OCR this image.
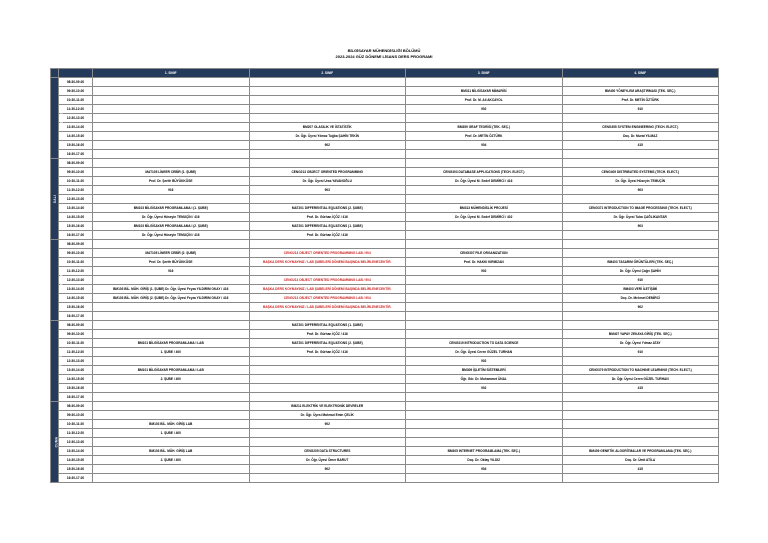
BİLGİSAYAR MÜHENDİSLİĞİ BÖLÜMÜ
2023-2024 GÜZ DÖNEMİ LİSANS DERS PROGRAMI
		1. SINIF	2. SINIF	3. SINIF	4. SINIF
PAZARTESİ	08:30-09:20				
	09:30-10:20			BM311 BİLGİSAYAR MİMARİSİ	BM400 YÖNEYLEM ARAŞTIRMASI (TEK. SEÇ.)
	10:30-11:20			Prof. Dr. M. Ali AKCAYOL	Prof. Dr. METİN ÖZTÜRK
	11:30-12:20			902	910
	12:30-13:20				
	13:30-14:20		BM207 OLASILIK VE İSTATİSTİK	BM359 GRAF TEORİSİ (TEK. SEÇ.)	CENG355 SYSTEM ENGINEERING (TECH. ELECT.)
	14:30-15:20		Dr. Öğr. Üyesi Yılmaz Tuğba ŞAHİN TEKİN	Prof. Dr. METİN ÖZTÜRK	Doç. Dr. Murat YILMAZ
	15:30-16:20		902	904	415
	16:30-17:20				
SALI	08:30-09:20				
	09:30-10:20	MAT105 LİNEER CEBİR (1. ŞUBE)	CENG213 OBJECT ORIENTED PROGRAMMING	CENG303 DATABASE APPLICATIONS (TECH. ELECT.)	CENG409 DISTRIBUTED SYSTEMS (TECH. ELECT.)
	10:30-11:20	Prof. Dr. Şerife BÜYÜKKÖSE	Dr. Öğr. Üyesi Uras YAVANOĞLU	Dr. Öğr. Üyesi M. Sedef DEMİRCİ / 416	Dr. Öğr. Üyesi Hüseyin TEMUÇİN
	11:30-12:20	916	903		903
	12:30-13:20				
	13:30-14:20	BM103 BİLGİSAYAR PROGRAMLAMA I (1. ŞUBE)	MAT201 DIFFERENTIAL EQUATIONS (2. ŞUBE)	BM313 MÜHENDİSLİK PROJESİ	CENG371 INTRODUCTION TO IMAGE PROCESSING (TECH. ELECT.)
	14:30-15:20	Dr. Öğr. Üyesi Hüseyin TEMUÇİN / 416	Prof. Dr. Gürhan İÇÖZ / 416	Dr. Öğr. Üyesi M. Sedef DEMİRCİ / 402	Dr. Öğr. Üyesi Tuba ÇAĞLIKANTAR
	15:30-16:20	BM103 BİLGİSAYAR PROGRAMLAMA I (2. ŞUBE)	MAT201 DIFFERENTIAL EQUATIONS (1. ŞUBE)		903
	16:30-17:20	Dr. Öğr. Üyesi Hüseyin TEMUÇİN / 416	Prof. Dr. Gürhan İÇÖZ / 416		
ÇARŞAMBA	08:30-09:20				
	09:30-10:20	MAT105 LİNEER CEBİR (2. ŞUBE)	CENG213 OBJECT ORIENTED PROGRAMMING LAB / 904	CENG307 FILE ORGANIZATION	
	10:30-11:20	Prof. Dr. Şerife BÜYÜKKÖSE	BAŞKA DERS KOYMAYINIZ / LAB ŞUBELERİ DÖNEMİ BAŞINDA BELİRLENECEKTİR.	Prof. Dr. HAKKI KIRMIZAN	BM403 TASARIM ÖRÜNTÜLERİ (TEK. SEÇ.)
	11:30-12:20	916		902	Dr. Öğr. Üyesi Çağrı ŞAHİN
	12:30-13:20		CENG213 OBJECT ORIENTED PROGRAMMING LAB / 904		910
	13:30-14:20	BM103 BİL. MÜH. GİRİŞ (1. ŞUBE) Dr. Öğr. Üyesi Feyza YILDIRIM OKAY / 416	BAŞKA DERS KOYMAYINIZ / LAB ŞUBELERİ DÖNEMİ BAŞINDA BELİRLENECEKTİR.		BM403 VERİ İLETİŞİMİ
	14:30-15:20	BM103 BİL. MÜH. GİRİŞ (2. ŞUBE) Dr. Öğr. Üyesi Feyza YILDIRIM OKAY / 416	CENG213 OBJECT ORIENTED PROGRAMMING LAB / 904		Doç. Dr. Mehmet DEMİRCİ
	15:30-16:20		BAŞKA DERS KOYMAYINIZ / LAB ŞUBELERİ DÖNEMİ BAŞINDA BELİRLENECEKTİR.		902
	16:30-17:20				
PERŞEMBE	08:30-09:20		MAT201 DIFFERENTIAL EQUATIONS (1. ŞUBE)		
	09:30-10:20		Prof. Dr. Gürhan İÇÖZ / 416		BM407 YAPAY ZEKAYA GİRİŞ (TEK. SEÇ.)
	10:30-11:20	BM101 BİLGİSAYAR PROGRAMLAMA I LAB	MAT201 DIFFERENTIAL EQUATIONS (2. ŞUBE)	CENG319 INTRODUCTION TO DATA SCIENCE	Dr. Öğr. Üyesi Yılmaz ATAY
	11:30-12:20	1. ŞUBE / 400	Prof. Dr. Gürhan İÇÖZ / 416	Dr. Öğr. Üyesi Ceren GÜZEL TURHAN	910
	12:30-13:20			902	
	13:30-14:20	BM101 BİLGİSAYAR PROGRAMLAMA I LAB		BM309 İŞLETİM SİSTEMLERİ	CENG379 INTRODUCTION TO MACHINE LEARNING (TECH. ELECT.)
	14:30-15:20	2. ŞUBE / 400		Öğr. Gör. Dr. Muhammet ÜNAL	Dr. Öğr. Üyesi Ceren GÜZEL TURHAN
	15:30-16:20			902	415
	16:30-17:20				
CUMA	08:30-09:20		BM211 ELEKTRİK VE ELEKTRONİK DEVRELER		
	09:30-10:20		Dr. Öğr. Üyesi Mahmut Emin ÇELİK		
	10:30-11:20	BM103 BİL. MÜH. GİRİŞ LAB	902		
	11:30-12:20	1. ŞUBE / 400			
	12:30-13:20				
	13:30-14:20	BM103 BİL. MÜH. GİRİŞ LAB	CENG205 DATA STRUCTURES	BM305 INTERNET PROGRAMLAMA (TEK. SEÇ.)	BM409 GENETİK ALGORİTMALAR VE PROGRAMLAMA (TEK. SEÇ.)
	14:30-15:20	2. ŞUBE / 400	Dr. Öğr. Üyesi Ömer BARUT	Doç. Dr. Oktay YILDIZ	Doç. Dr. Ümit ATİLA
	15:30-16:20		902	904	415
	16:30-17:20				
